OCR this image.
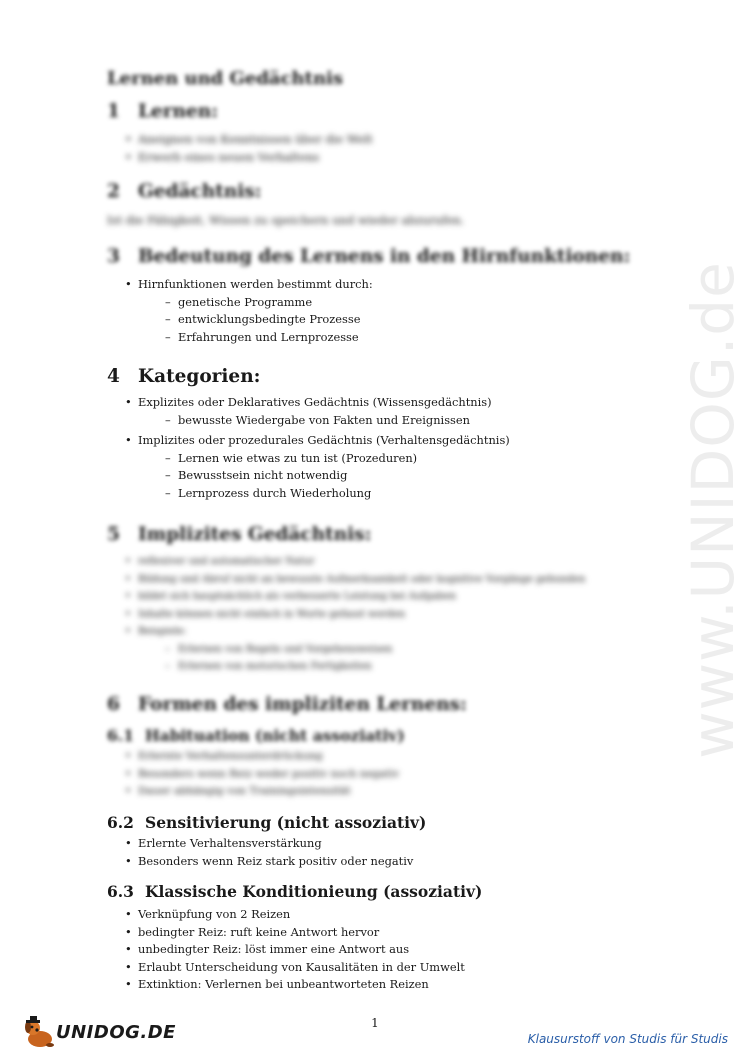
www.UNIDOG.de
Lernen und Gedächtnis
1 Lernen:
• Aneignen von Kenntnissen über die Welt
• Erwerb eines neuen Verhaltens
2 Gedächtnis:
Ist die Fähigkeit, Wissen zu speichern und wieder abzurufen.
3 Bedeutung des Lernens in den Hirnfunktionen:
• Hirnfunktionen werden bestimmt durch:
– genetische Programme
– entwicklungsbedingte Prozesse
– Erfahrungen und Lernprozesse
4 Kategorien:
• Explizites oder Deklaratives Gedächtnis (Wissensgedächtnis)
– bewusste Wiedergabe von Fakten und Ereignissen
• Implizites oder prozedurales Gedächtnis (Verhaltensgedächtnis)
– Lernen wie etwas zu tun ist (Prozeduren)
– Bewusstsein nicht notwendig
– Lernprozess durch Wiederholung
5 Implizites Gedächtnis:
• reflexiver und automatischer Natur
• Bildung und Abruf nicht an bewusste Aufmerksamkeit oder kognitive Vorgänge gebunden
• bildet sich hauptsächlich als verbesserte Leistung bei Aufgaben
• Inhalte können nicht einfach in Worte gefasst werden
• Beispiele:
– Erlernen von Regeln und Vorgehensweisen
– Erlernen von motorischen Fertigkeiten
6 Formen des impliziten Lernens:
6.1 Habituation (nicht assoziativ)
• Erlernte Verhaltensunterdrückung
• Besonders wenn Reiz weder positiv noch negativ
• Dauer abhängig von Trainingsintensität
6.2 Sensitivierung (nicht assoziativ)
• Erlernte Verhaltensverstärkung
• Besonders wenn Reiz stark positiv oder negativ
6.3 Klassische Konditionieung (assoziativ)
• Verknüpfung von 2 Reizen
• bedingter Reiz: ruft keine Antwort hervor
• unbedingter Reiz: löst immer eine Antwort aus
• Erlaubt Unterscheidung von Kausalitäten in der Umwelt
• Extinktion: Verlernen bei unbeantworteten Reizen
1
UNIDOG.DE	Klausurstoff von Studis für Studis
